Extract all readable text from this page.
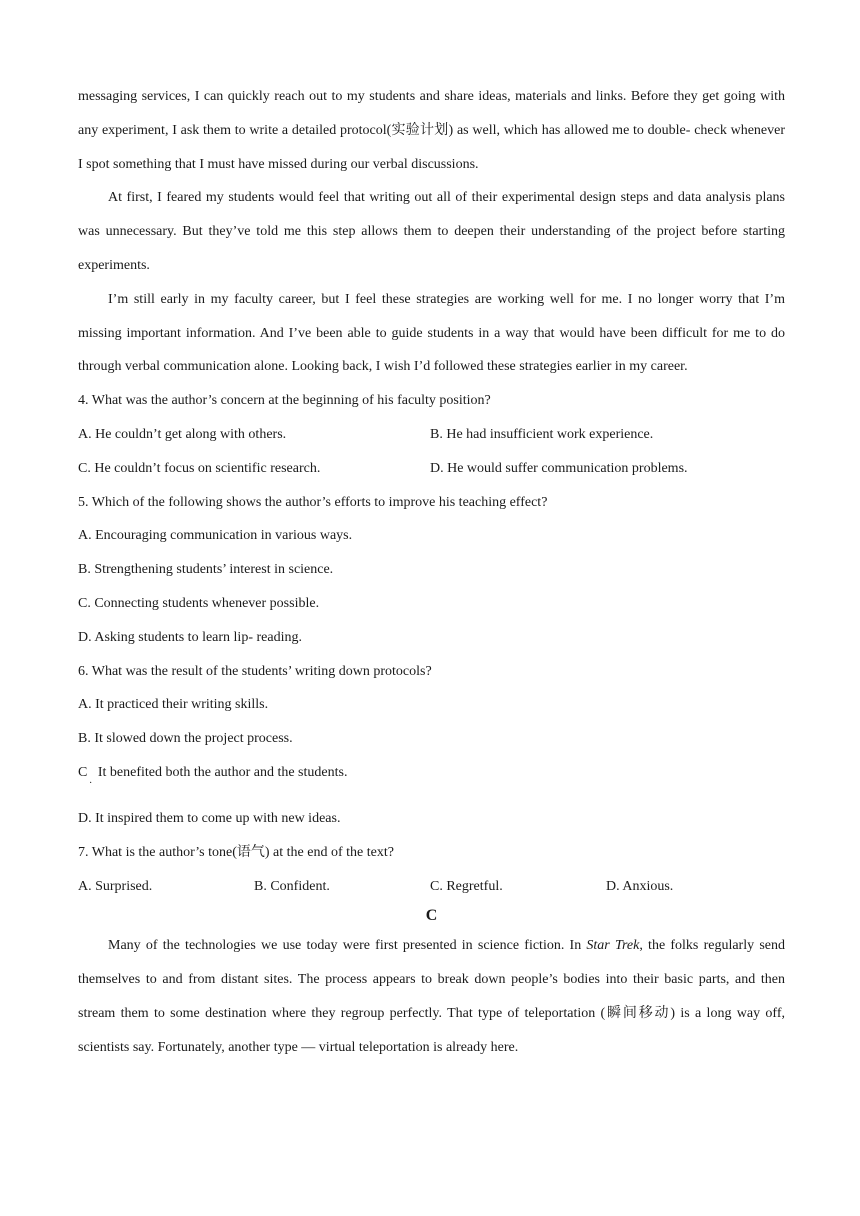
messaging services, I can quickly reach out to my students and share ideas, materials and links. Before they get going with any experiment, I ask them to write a detailed protocol(实验计划) as well, which has allowed me to double- check whenever I spot something that I must have missed during our verbal discussions.

At first, I feared my students would feel that writing out all of their experimental design steps and data analysis plans was unnecessary. But they’ve told me this step allows them to deepen their understanding of the project before starting experiments.

I’m still early in my faculty career, but I feel these strategies are working well for me. I no longer worry that I’m missing important information. And I’ve been able to guide students in a way that would have been difficult for me to do through verbal communication alone. Looking back, I wish I’d followed these strategies earlier in my career.

4. What was the author’s concern at the beginning of his faculty position?

A. He couldn’t get along with others.	B. He had insufficient work experience.
C. He couldn’t focus on scientific research.	D. He would suffer communication problems.

5. Which of the following shows the author’s efforts to improve his teaching effect?

A. Encouraging communication in various ways.

B. Strengthening students’ interest in science.

C. Connecting students whenever possible.

D. Asking students to learn lip- reading.

6. What was the result of the students’ writing down protocols?

A. It practiced their writing skills.

B. It slowed down the project process.

C   It benefited both the author and the students.

·

D. It inspired them to come up with new ideas.

7. What is the author’s tone(语气) at the end of the text?

A. Surprised.	B. Confident.	C. Regretful.	D. Anxious.

C

Many of the technologies we use today were first presented in science fiction. In Star Trek, the folks regularly send themselves to and from distant sites. The process appears to break down people’s bodies into their basic parts, and then stream them to some destination where they regroup perfectly. That type of teleportation (瞬间移动) is a long way off, scientists say. Fortunately, another type — virtual teleportation is already here.
